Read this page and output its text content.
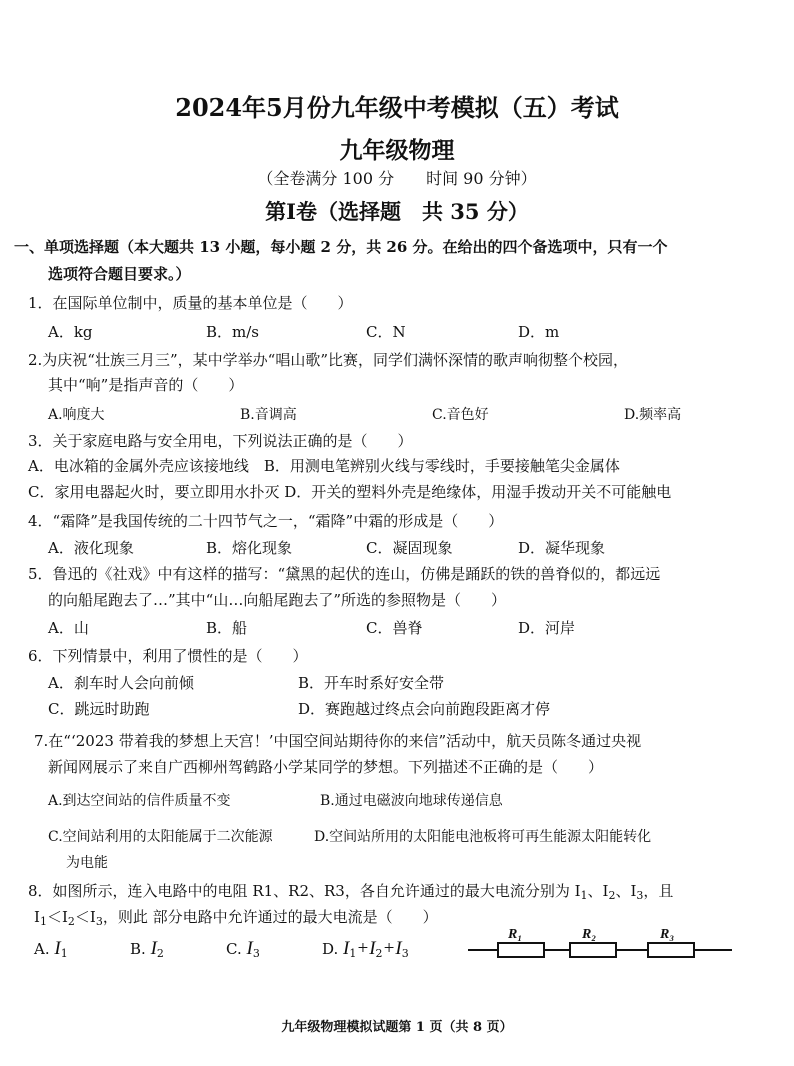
2024年5月份九年级中考模拟（五）考试
九年级物理
（全卷满分 100 分　　时间 90 分钟）
第Ⅰ卷（选择题　共 35 分）
一、单项选择题（本大题共 13 小题，每小题 2 分，共 26 分。在给出的四个备选项中，只有一个
选项符合题目要求。）
1．在国际单位制中，质量的基本单位是（　　）
A．kg	B．m/s	C．N	D．m
2.为庆祝“壮族三月三”，某中学举办“唱山歌”比赛，同学们满怀深情的歌声响彻整个校园，
其中“响”是指声音的（　　）
A.响度大	B.音调高	C.音色好	D.频率高
3．关于家庭电路与安全用电，下列说法正确的是（　　）
A．电冰箱的金属外壳应该接地线　B．用测电笔辨别火线与零线时，手要接触笔尖金属体
C．家用电器起火时，要立即用水扑灭 D．开关的塑料外壳是绝缘体，用湿手拨动开关不可能触电
4．“霜降”是我国传统的二十四节气之一，“霜降”中霜的形成是（　　）
A．液化现象	B．熔化现象	C．凝固现象	D．凝华现象
5．鲁迅的《社戏》中有这样的描写：“黛黑的起伏的连山，仿佛是踊跃的铁的兽脊似的，都远远
的向船尾跑去了…”其中“山…向船尾跑去了”所选的参照物是（　　）
A．山	B．船	C．兽脊	D．河岸
6．下列情景中，利用了惯性的是（　　）
A．刹车时人会向前倾	B．开车时系好安全带
C．跳远时助跑	D．赛跑越过终点会向前跑段距离才停
7.在“‘2023 带着我的梦想上天宫！’中国空间站期待你的来信”活动中，航天员陈冬通过央视
新闻网展示了来自广西柳州驾鹤路小学某同学的梦想。下列描述不正确的是（　　）
A.到达空间站的信件质量不变	B.通过电磁波向地球传递信息
C.空间站利用的太阳能属于二次能源	D.空间站所用的太阳能电池板将可再生能源太阳能转化
为电能
8．如图所示，连入电路中的电阻 R1、R2、R3，各自允许通过的最大电流分别为 $I_1$、$I_2$、$I_3$，且
$I_1<I_2<I_3$，则此 部分电路中允许通过的最大电流是（　　）
A. $I_1$	B. $I_2$	C. $I_3$	D. $I_1+I_2+I_3$
R₁	R₂	R₃
九年级物理模拟试题第 1 页（共 8 页）
